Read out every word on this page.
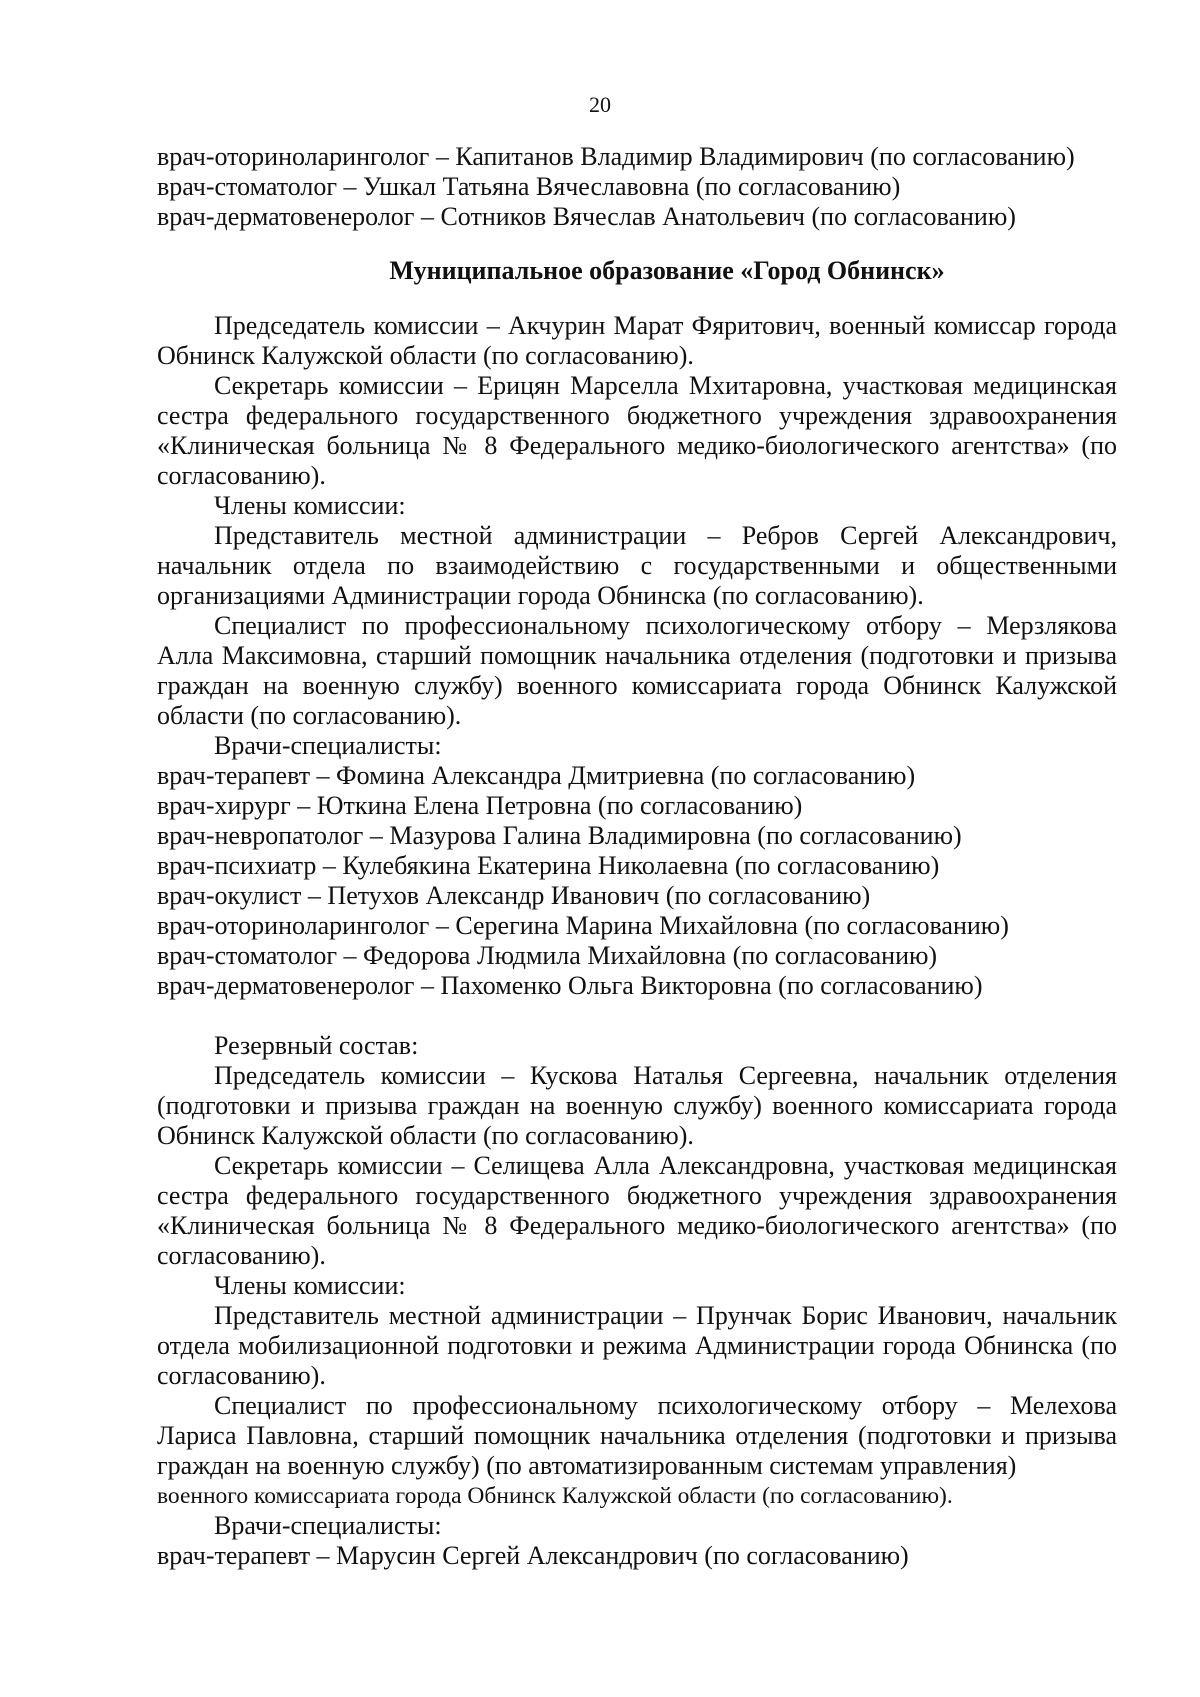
20
врач-оториноларинголог – Капитанов Владимир Владимирович (по согласованию)
врач-стоматолог – Ушкал Татьяна Вячеславовна (по согласованию)
врач-дерматовенеролог – Сотников Вячеслав Анатольевич (по согласованию)
Муниципальное образование «Город Обнинск»
Председатель комиссии – Акчурин Марат Фяритович, военный комиссар города Обнинск Калужской области (по согласованию).
Секретарь комиссии – Ерицян Марселла Мхитаровна, участковая медицинская сестра федерального государственного бюджетного учреждения здравоохранения «Клиническая больница № 8 Федерального медико-биологического агентства» (по согласованию).
Члены комиссии:
Представитель местной администрации – Ребров Сергей Александрович, начальник отдела по взаимодействию с государственными и общественными организациями Администрации города Обнинска (по согласованию).
Специалист по профессиональному психологическому отбору – Мерзлякова Алла Максимовна, старший помощник начальника отделения (подготовки и призыва граждан на военную службу) военного комиссариата города Обнинск Калужской области (по согласованию).
Врачи-специалисты:
врач-терапевт – Фомина Александра Дмитриевна (по согласованию)
врач-хирург – Юткина Елена Петровна (по согласованию)
врач-невропатолог – Мазурова Галина Владимировна (по согласованию)
врач-психиатр – Кулебякина Екатерина Николаевна (по согласованию)
врач-окулист – Петухов Александр Иванович (по согласованию)
врач-оториноларинголог – Серегина Марина Михайловна (по согласованию)
врач-стоматолог – Федорова Людмила Михайловна (по согласованию)
врач-дерматовенеролог – Пахоменко Ольга Викторовна (по согласованию)
Резервный состав:
Председатель комиссии – Кускова Наталья Сергеевна, начальник отделения (подготовки и призыва граждан на военную службу) военного комиссариата города Обнинск Калужской области (по согласованию).
Секретарь комиссии – Селищева Алла Александровна, участковая медицинская сестра федерального государственного бюджетного учреждения здравоохранения «Клиническая больница № 8 Федерального медико-биологического агентства» (по согласованию).
Члены комиссии:
Представитель местной администрации – Прунчак Борис Иванович, начальник отдела мобилизационной подготовки и режима Администрации города Обнинска (по согласованию).
Специалист по профессиональному психологическому отбору – Мелехова Лариса Павловна, старший помощник начальника отделения (подготовки и призыва граждан на военную службу) (по автоматизированным системам управления)
военного комиссариата города Обнинск Калужской области (по согласованию).
Врачи-специалисты:
врач-терапевт – Марусин Сергей Александрович (по согласованию)
